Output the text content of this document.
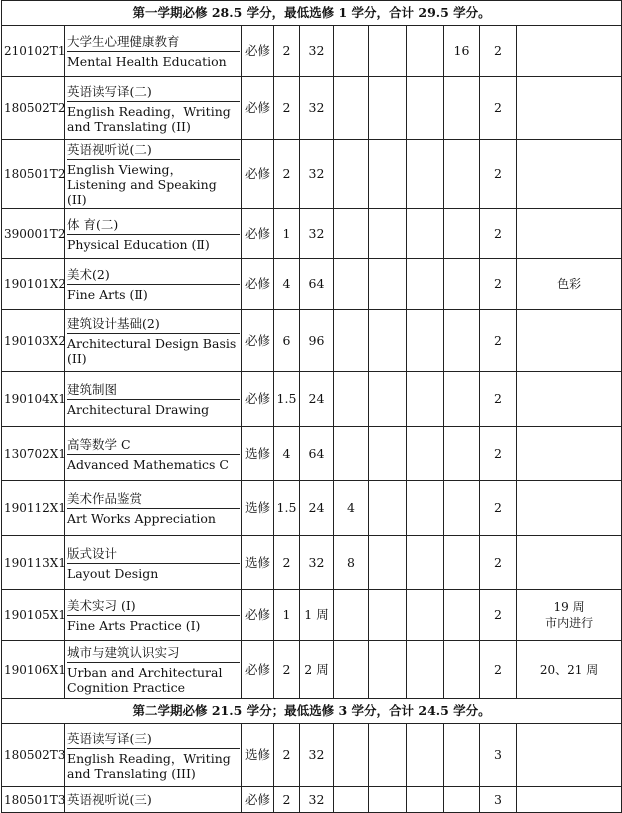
第一学期必修 28.5 学分，最低选修 1 学分，合计 29.5 学分。										
210102T1	大学生心理健康教育
Mental Health Education	必修	2	32				16	2	
180502T2	英语读写译(二)
English Reading，Writing and Translating (II)	必修	2	32					2	
180501T2	英语视听说(二)
English Viewing，Listening and Speaking (II)	必修	2	32					2	
390001T2	体 育(二)
Physical Education (Ⅱ)	必修	1	32					2	
190101X2	美术(2)
Fine Arts (Ⅱ)	必修	4	64					2	色彩
190103X2	建筑设计基础(2)
Architectural Design Basis (II)	必修	6	96					2	
190104X1	建筑制图
Architectural Drawing	必修	1.5	24					2	
130702X1	高等数学 C
Advanced Mathematics C	选修	4	64					2	
190112X1	美术作品鉴赏
Art Works Appreciation	选修	1.5	24	4				2	
190113X1	版式设计
Layout Design	选修	2	32	8				2	
190105X1	美术实习 (Ⅰ)
Fine Arts Practice (Ⅰ)	必修	1	1 周					2	19 周
市内进行
190106X1	城市与建筑认识实习
Urban and Architectural Cognition Practice	必修	2	2 周					2	20、21 周
第二学期必修 21.5 学分；最低选修 3 学分，合计 24.5 学分。										
180502T3	英语读写译(三)
English Reading，Writing and Translating (III)	选修	2	32					3	
180501T3	英语视听说(三)	必修	2	32					3	
